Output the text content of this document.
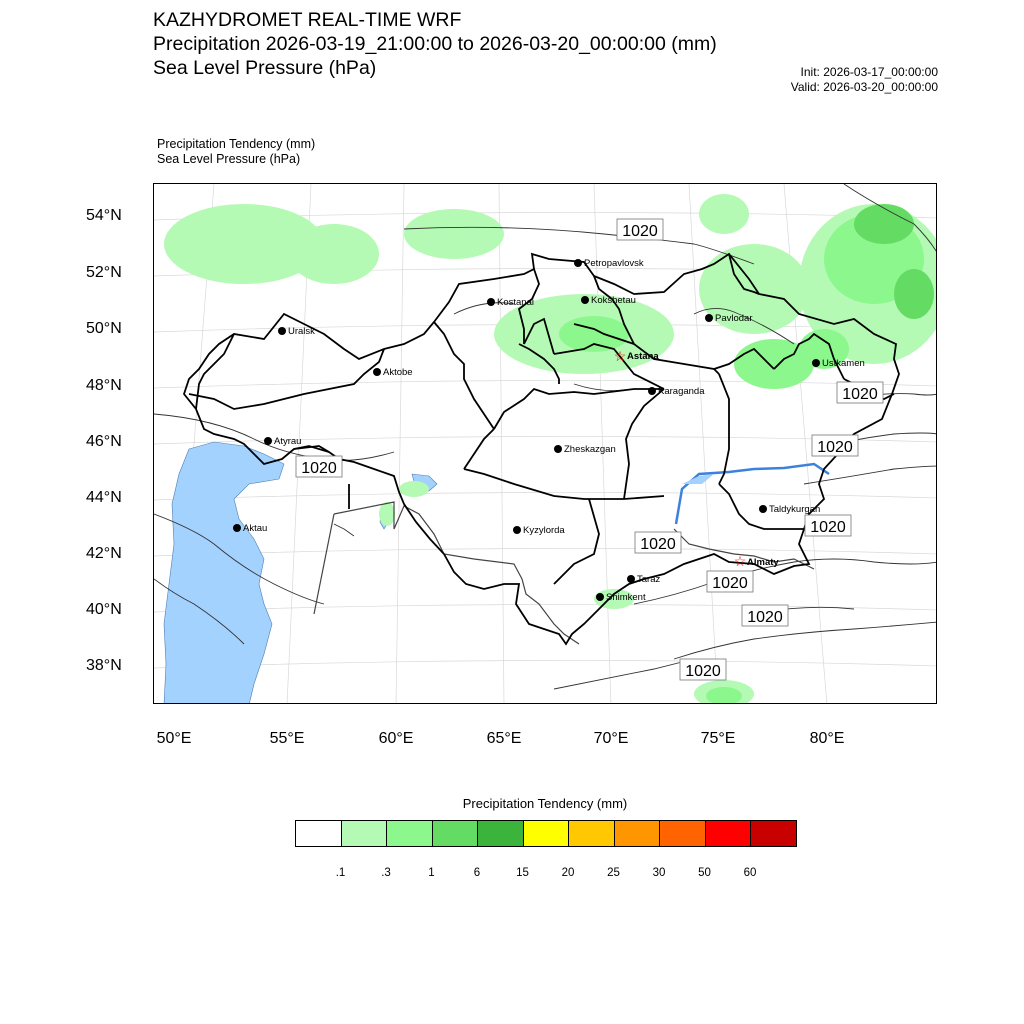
KAZHYDROMET REAL-TIME WRF
Precipitation 2026-03-19_21:00:00 to 2026-03-20_00:00:00 (mm)
Sea Level Pressure (hPa)	Init: 2026-03-17_00:00:00
Valid: 2026-03-20_00:00:00
Precipitation Tendency (mm)
Sea Level Pressure (hPa)
54°N
52°N
50°N
48°N
46°N
44°N
42°N
40°N
38°N
50°E	55°E	60°E	65°E	70°E	75°E	80°E
Petropavlovsk
Kostanai	Kokshetau
Uralsk
Pavlodar
☆ Astana
Ustkamen
Aktobe
Karaganda
Atyrau
Zheskazgan
Taldykurgan
Aktau	Kyzylorda
☆ Almaty
Taraz
Shimkent
1020
1020
1020
1020
1020
1020
1020
1020
1020
Precipitation Tendency (mm)
.1	.3	1	6	15	20	25	30	50	60
